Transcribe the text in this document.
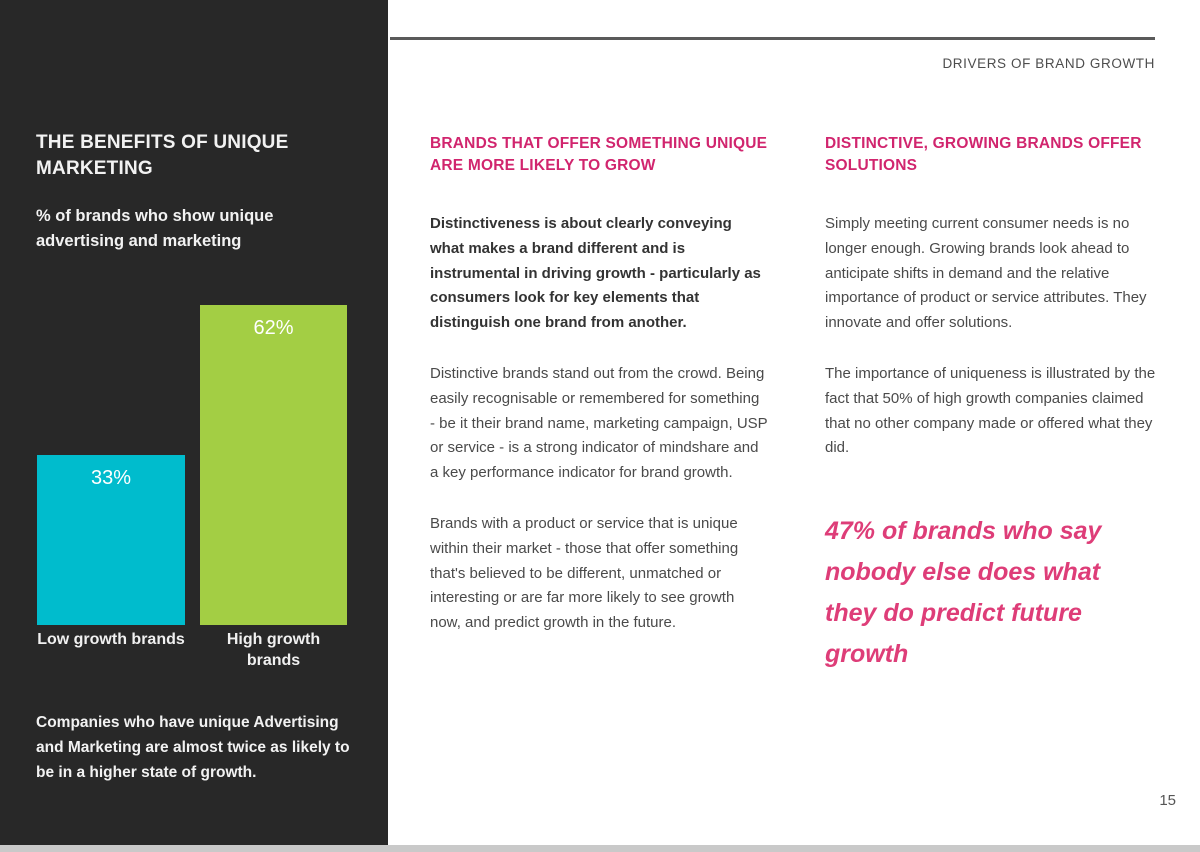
THE BENEFITS OF UNIQUE MARKETING
% of brands who show unique advertising and marketing
33%
62%
Low growth brands	High growth brands
Companies who have unique Advertising and Marketing are almost twice as likely to be in a higher state of growth.
DRIVERS OF BRAND GROWTH
BRANDS THAT OFFER SOMETHING UNIQUE ARE MORE LIKELY TO GROW

Distinctiveness is about clearly conveying what makes a brand different and is instrumental in driving growth - particularly as consumers look for key elements that distinguish one brand from another.

Distinctive brands stand out from the crowd. Being easily recognisable or remembered for something - be it their brand name, marketing campaign, USP or service - is a strong indicator of mindshare and a key performance indicator for brand growth.

Brands with a product or service that is unique within their market - those that offer something that's believed to be different, unmatched or interesting or are far more likely to see growth now, and predict growth in the future.

DISTINCTIVE, GROWING BRANDS OFFER SOLUTIONS

Simply meeting current consumer needs is no longer enough. Growing brands look ahead to anticipate shifts in demand and the relative importance of product or service attributes. They innovate and offer solutions.

The importance of uniqueness is illustrated by the fact that 50% of high growth companies claimed that no other company made or offered what they did.

47% of brands who say nobody else does what they do predict future growth
15
